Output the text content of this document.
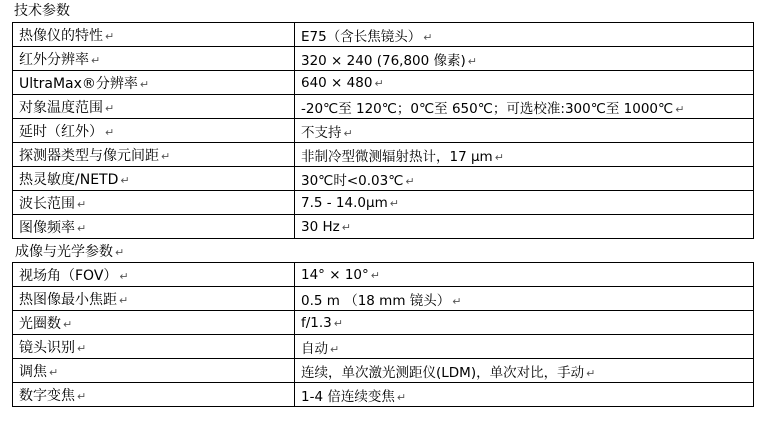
技术参数
热像仪的特性 ↵	E75（含长焦镜头） ↵
红外分辨率 ↵	320 × 240 (76,800 像素) ↵
UltraMax®分辨率 ↵	640 × 480 ↵
对象温度范围 ↵	-20℃至 120℃；0℃至 650℃；可选校准:300℃至 1000℃ ↵
延时（红外） ↵	不支持 ↵
探测器类型与像元间距 ↵	非制冷型微测辐射热计，17 μm ↵
热灵敏度/NETD ↵	30℃时<0.03℃ ↵
波长范围 ↵	7.5 - 14.0μm ↵
图像频率 ↵	30 Hz ↵
成像与光学参数 ↵	
视场角（FOV） ↵	14° × 10° ↵
热图像最小焦距 ↵	0.5 m （18 mm 镜头） ↵
光圈数 ↵	f/1.3 ↵
镜头识别 ↵	自动 ↵
调焦 ↵	连续，单次激光测距仪(LDM)，单次对比，手动 ↵
数字变焦 ↵	1-4 倍连续变焦 ↵
